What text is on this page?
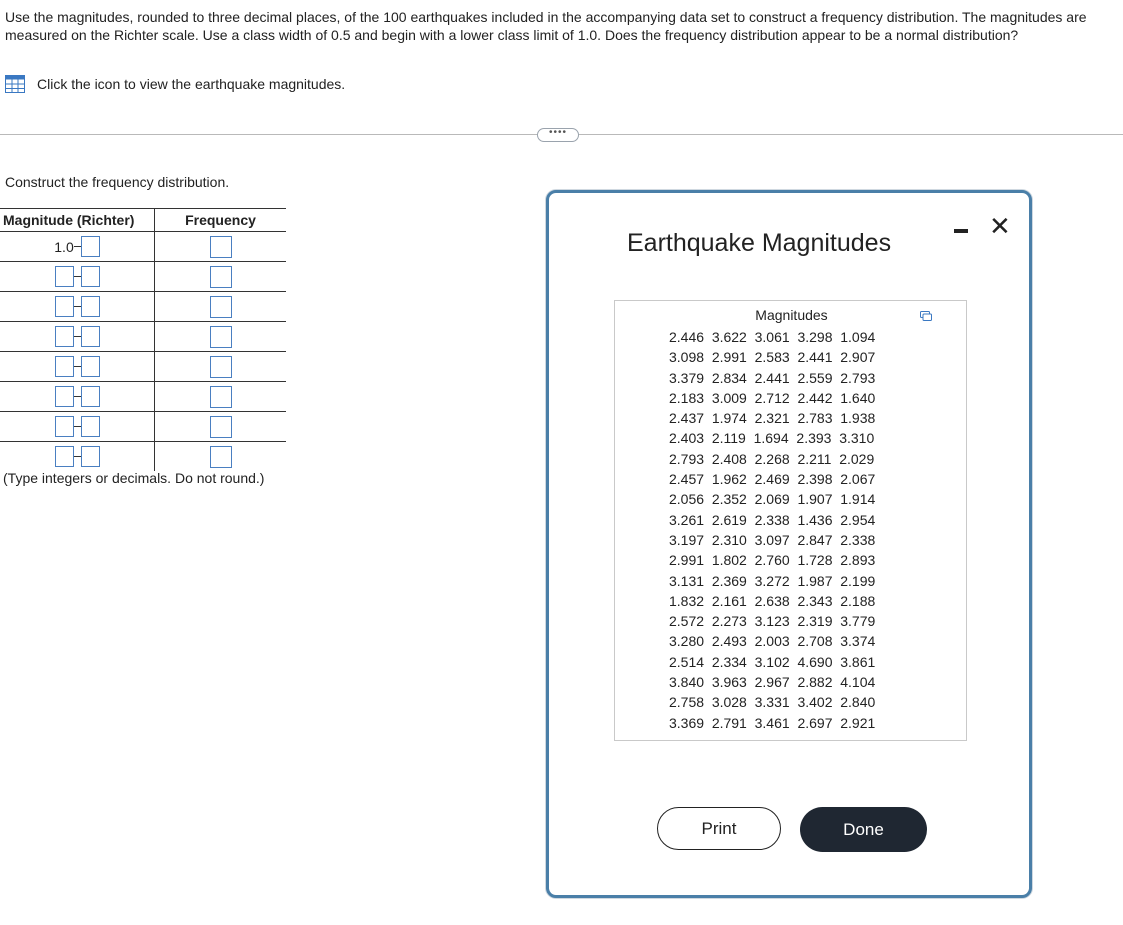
Use the magnitudes, rounded to three decimal places, of the 100 earthquakes included in the accompanying data set to construct a frequency distribution. The magnitudes are measured on the Richter scale. Use a class width of 0.5 and begin with a lower class limit of 1.0. Does the frequency distribution appear to be a normal distribution?
Click the icon to view the earthquake magnitudes.
••••
Construct the frequency distribution.
Magnitude (Richter)	Frequency
1.0
(Type integers or decimals. Do not round.)
Earthquake Magnitudes
✕
Magnitudes
2.446  3.622  3.061  3.298  1.094
3.098  2.991  2.583  2.441  2.907
3.379  2.834  2.441  2.559  2.793
2.183  3.009  2.712  2.442  1.640
2.437  1.974  2.321  2.783  1.938
2.403  2.119  1.694  2.393  3.310
2.793  2.408  2.268  2.211  2.029
2.457  1.962  2.469  2.398  2.067
2.056  2.352  2.069  1.907  1.914
3.261  2.619  2.338  1.436  2.954
3.197  2.310  3.097  2.847  2.338
2.991  1.802  2.760  1.728  2.893
3.131  2.369  3.272  1.987  2.199
1.832  2.161  2.638  2.343  2.188
2.572  2.273  3.123  2.319  3.779
3.280  2.493  2.003  2.708  3.374
2.514  2.334  3.102  4.690  3.861
3.840  3.963  2.967  2.882  4.104
2.758  3.028  3.331  3.402  2.840
3.369  2.791  3.461  2.697  2.921
Print	Done
